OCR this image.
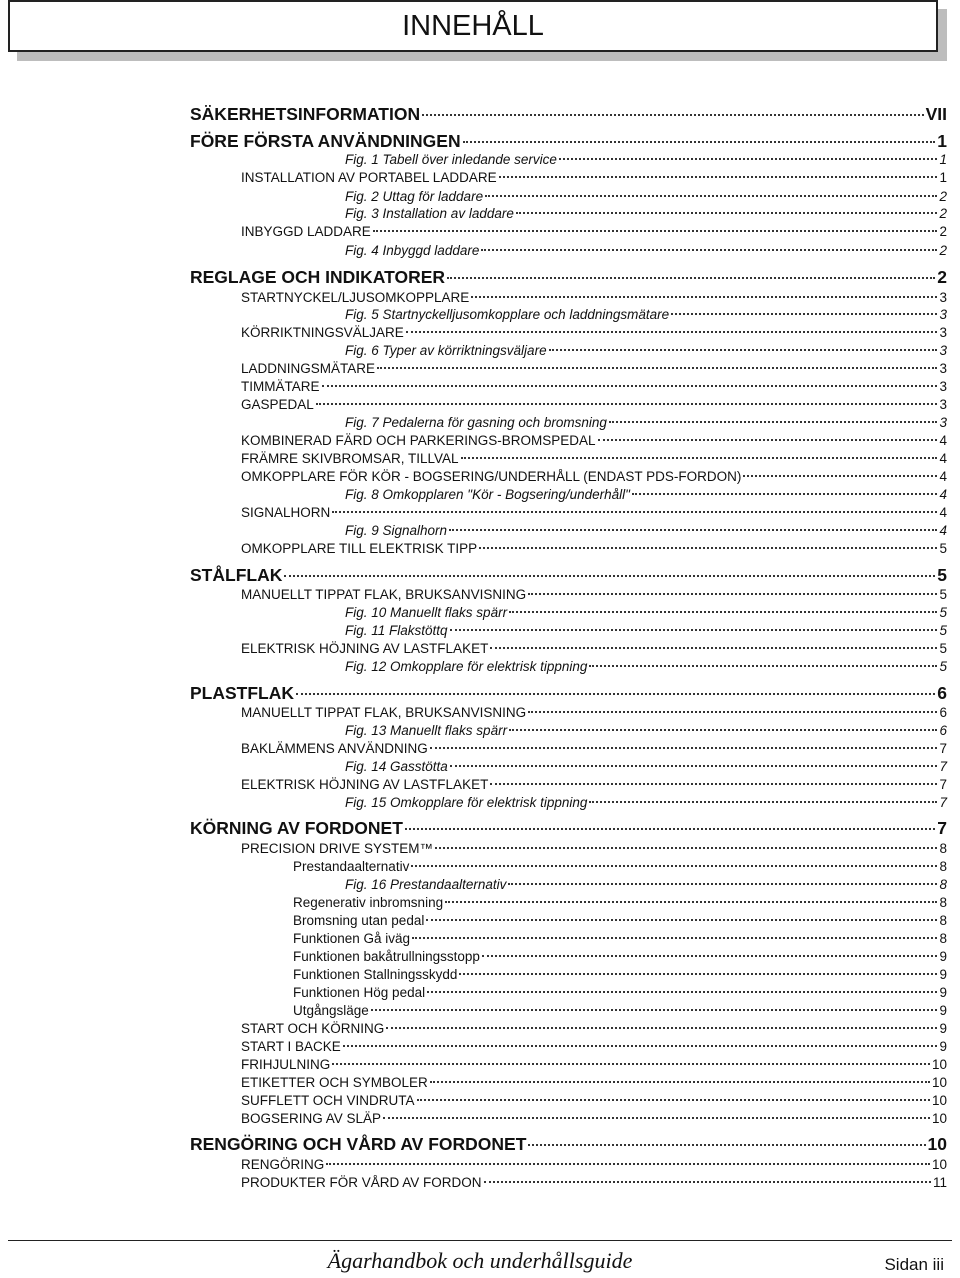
INNEHÅLL
SÄKERHETSINFORMATION	VII
FÖRE FÖRSTA ANVÄNDNINGEN	1
Fig. 1 Tabell över inledande service	1
INSTALLATION AV PORTABEL LADDARE	1
Fig. 2 Uttag för laddare	2
Fig. 3 Installation av laddare	2
INBYGGD LADDARE	2
Fig. 4 Inbyggd laddare	2
REGLAGE OCH INDIKATORER	2
STARTNYCKEL/LJUSOMKOPPLARE	3
Fig. 5 Startnyckelljusomkopplare och laddningsmätare	3
KÖRRIKTNINGSVÄLJARE	3
Fig. 6 Typer av körriktningsväljare	3
LADDNINGSMÄTARE	3
TIMMÄTARE	3
GASPEDAL	3
Fig. 7 Pedalerna för gasning och bromsning	3
KOMBINERAD FÄRD OCH PARKERINGS-BROMSPEDAL	4
FRÄMRE SKIVBROMSAR, TILLVAL	4
OMKOPPLARE FÖR KÖR - BOGSERING/UNDERHÅLL (ENDAST PDS-FORDON)	4
Fig. 8 Omkopplaren "Kör - Bogsering/underhåll"	4
SIGNALHORN	4
Fig. 9 Signalhorn	4
OMKOPPLARE TILL ELEKTRISK TIPP	5
STÅLFLAK	5
MANUELLT TIPPAT FLAK, BRUKSANVISNING	5
Fig. 10 Manuellt flaks spärr	5
Fig. 11 Flakstöttq	5
ELEKTRISK HÖJNING AV LASTFLAKET	5
Fig. 12 Omkopplare för elektrisk tippning	5
PLASTFLAK	6
MANUELLT TIPPAT FLAK, BRUKSANVISNING	6
Fig. 13 Manuellt flaks spärr	6
BAKLÄMMENS ANVÄNDNING	7
Fig. 14 Gasstötta	7
ELEKTRISK HÖJNING AV LASTFLAKET	7
Fig. 15 Omkopplare för elektrisk tippning	7
KÖRNING AV FORDONET	7
PRECISION DRIVE SYSTEM™	8
Prestandaalternativ	8
Fig. 16 Prestandaalternativ	8
Regenerativ inbromsning	8
Bromsning utan pedal	8
Funktionen Gå iväg	8
Funktionen bakåtrullningsstopp	9
Funktionen Stallningsskydd	9
Funktionen Hög pedal	9
Utgångsläge	9
START OCH KÖRNING	9
START I BACKE	9
FRIHJULNING	10
ETIKETTER OCH SYMBOLER	10
SUFFLETT OCH VINDRUTA	10
BOGSERING AV SLÄP	10
RENGÖRING OCH VÅRD AV FORDONET	10
RENGÖRING	10
PRODUKTER FÖR VÅRD AV FORDON	11
Ägarhandbok och underhållsguide	Sidan iii
